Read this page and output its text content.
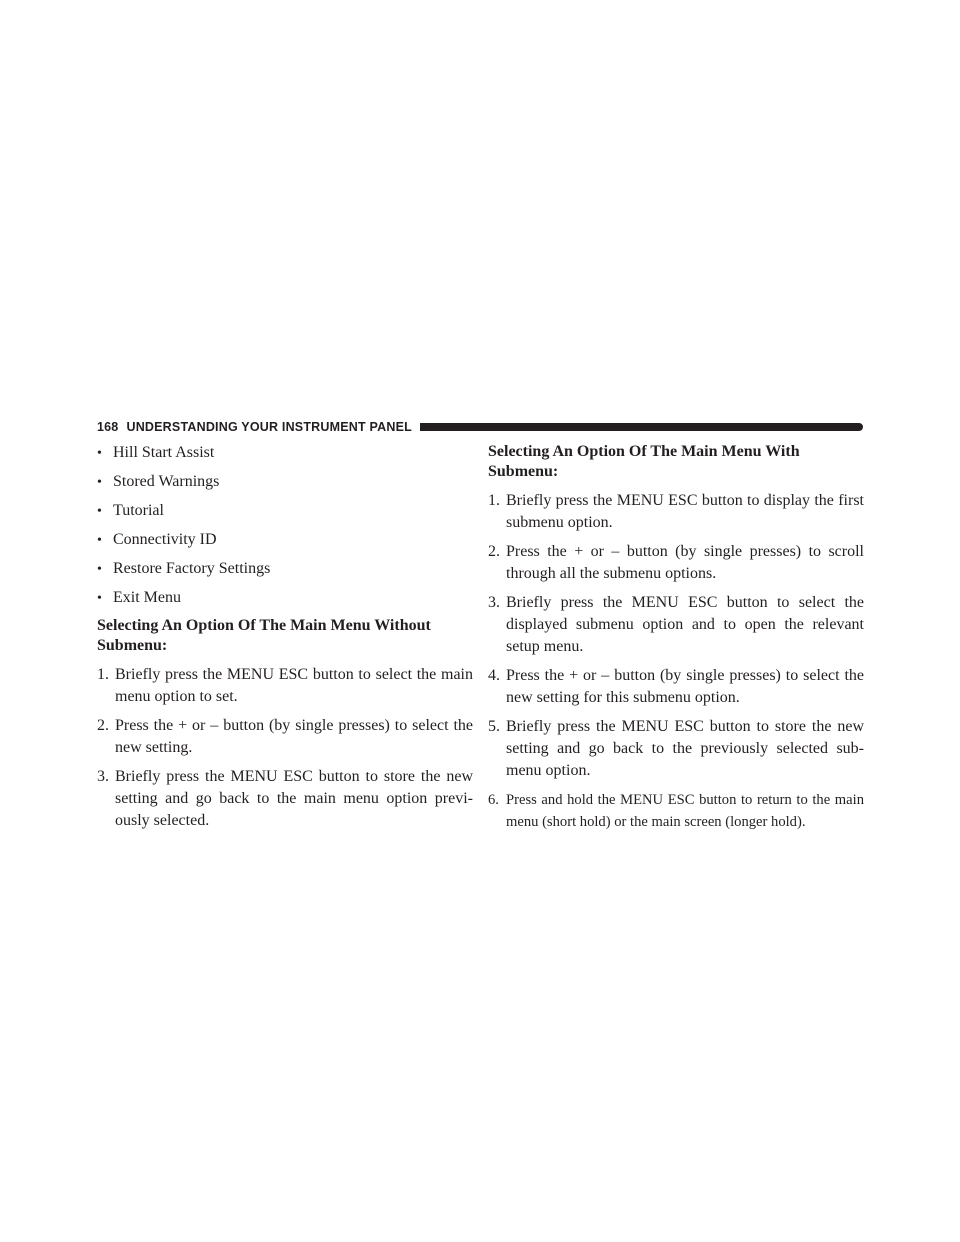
168 UNDERSTANDING YOUR INSTRUMENT PANEL
• Hill Start Assist
• Stored Warnings
• Tutorial
• Connectivity ID
• Restore Factory Settings
• Exit Menu
Selecting An Option Of The Main Menu Without Submenu:
1. Briefly press the MENU ESC button to select the main menu option to set.
2. Press the + or – button (by single presses) to select the new setting.
3. Briefly press the MENU ESC button to store the new setting and go back to the main menu option previ-ously selected.
Selecting An Option Of The Main Menu With Submenu:
1. Briefly press the MENU ESC button to display the first submenu option.
2. Press the + or – button (by single presses) to scroll through all the submenu options.
3. Briefly press the MENU ESC button to select the displayed submenu option and to open the relevant setup menu.
4. Press the + or – button (by single presses) to select the new setting for this submenu option.
5. Briefly press the MENU ESC button to store the new setting and go back to the previously selected sub-menu option.
6. Press and hold the MENU ESC button to return to the main menu (short hold) or the main screen (longer hold).
